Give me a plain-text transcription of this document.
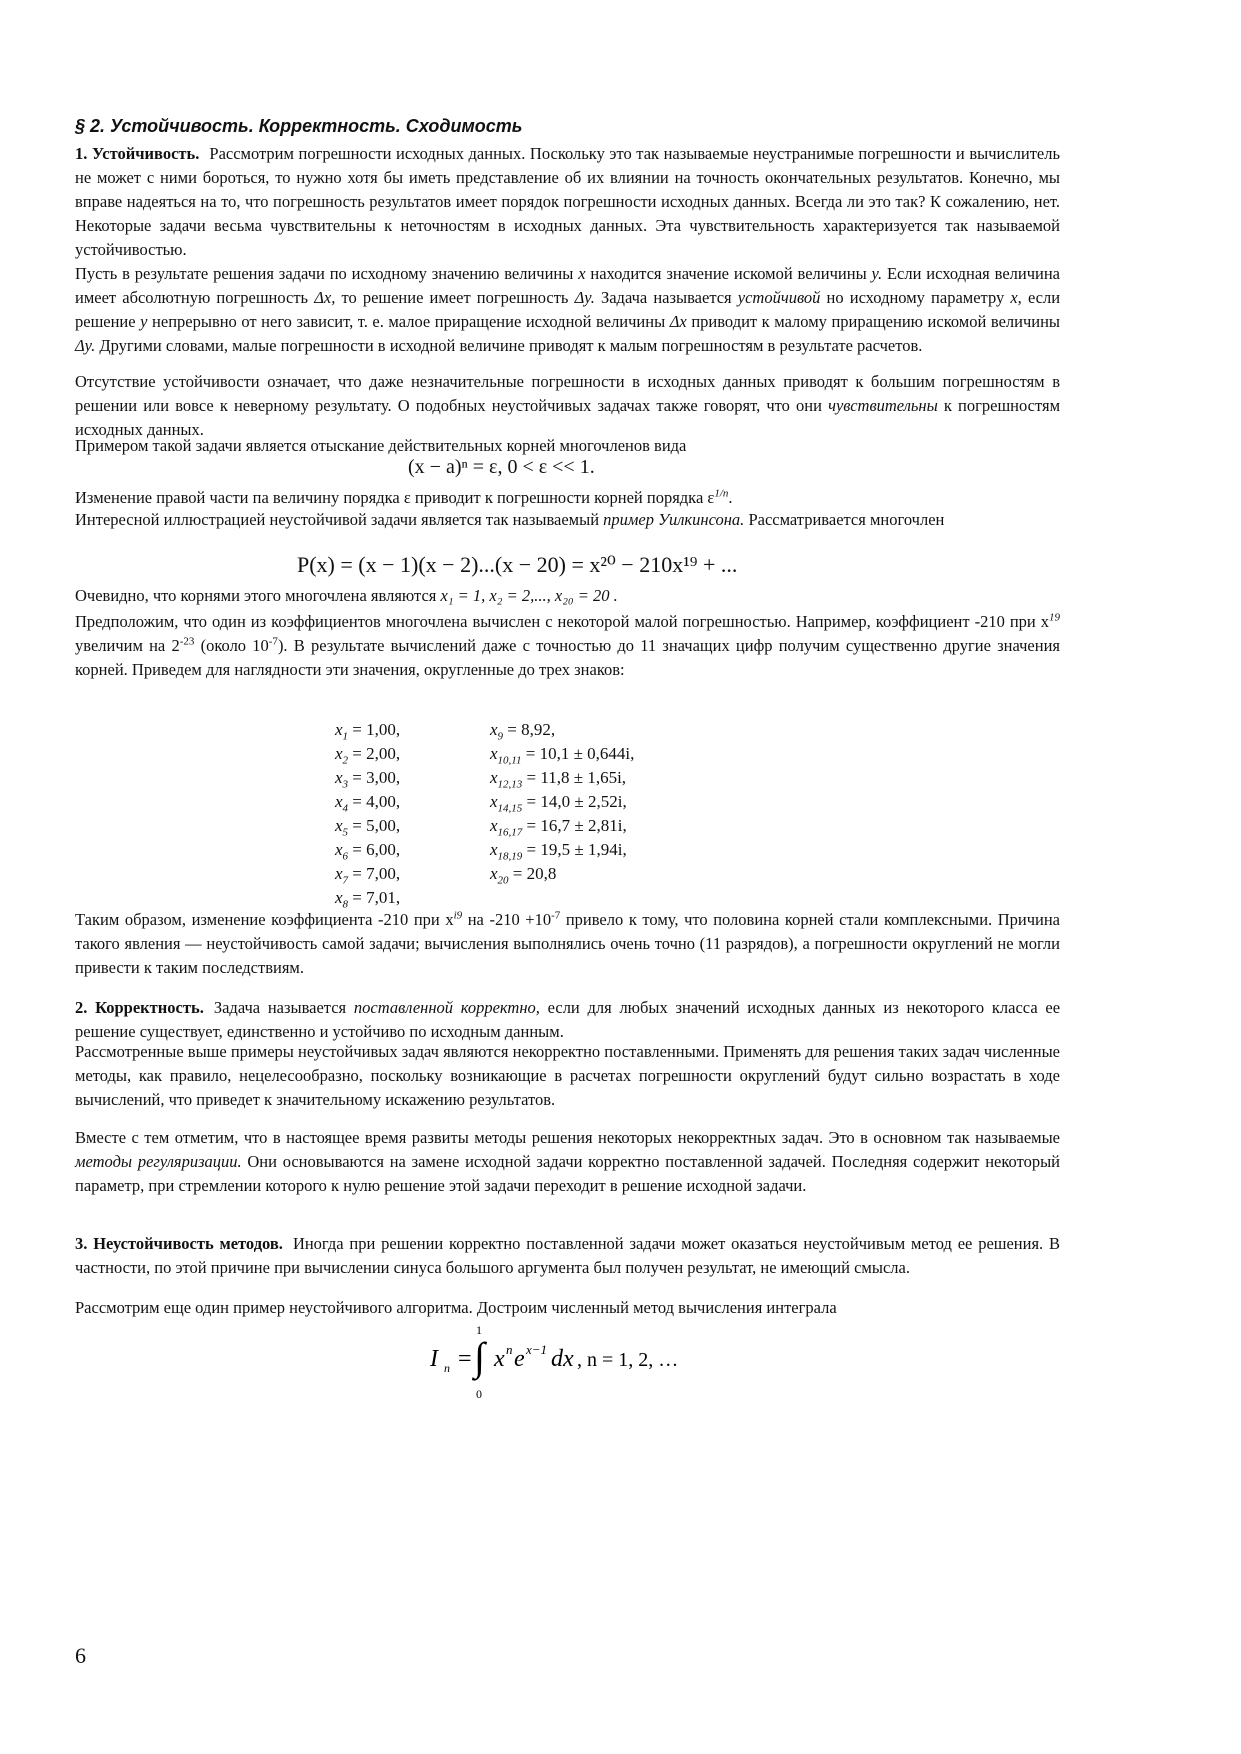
§ 2. Устойчивость. Корректность. Сходимость

1. Устойчивость. Рассмотрим погрешности исходных данных. Поскольку это так называемые неустранимые погрешности и вычислитель не может с ними бороться, то нужно хотя бы иметь представление об их влиянии на точность окончательных результатов. Конечно, мы вправе надеяться на то, что погрешность результатов имеет порядок погрешности исходных данных. Всегда ли это так? К сожалению, нет. Некоторые задачи весьма чувствительны к неточностям в исходных данных. Эта чувствительность характеризуется так называемой устойчивостью.

Пусть в результате решения задачи по исходному значению величины x находится значение искомой величины y. Если исходная величина имеет абсолютную погрешность Δx, то решение имеет погрешность Δy. Задача называется устойчивой но исходному параметру x, если решение y непрерывно от него зависит, т. е. малое приращение исходной величины Δx приводит к малому приращению искомой величины Δy. Другими словами, малые погрешности в исходной величине приводят к малым погрешностям в результате расчетов.

Отсутствие устойчивости означает, что даже незначительные погрешности в исходных данных приводят к большим погрешностям в решении или вовсе к неверному результату. О подобных неустойчивых задачах также говорят, что они чувствительны к погрешностям исходных данных.

Примером такой задачи является отыскание действительных корней многочленов вида

(x − a)ⁿ = ε, 0 < ε << 1.

Изменение правой части па величину порядка ε приводит к погрешности корней порядка $\varepsilon^{1/n}$.

Интересной иллюстрацией неустойчивой задачи является так называемый пример Уилкинсона. Рассматривается многочлен

P(x) = (x − 1)(x − 2)...(x − 20) = x²⁰ − 210x¹⁹ + ...

Очевидно, что корнями этого многочлена являются x₁ = 1, x₂ = 2,..., x₂₀ = 20 .

Предположим, что один из коэффициентов многочлена вычислен с некоторой малой погрешностью. Например, коэффициент -210 при $x^{19}$ увеличим на $2^{-23}$ (около $10^{-7}$). В результате вычислений даже с точностью до 11 значащих цифр получим существенно другие значения корней. Приведем для наглядности эти значения, округленные до трех знаков:

$x_1 = 1,00$,
$x_2 = 2,00$,
$x_3 = 3,00$,
$x_4 = 4,00$,
$x_5 = 5,00$,
$x_6 = 6,00$,
$x_7 = 7,00$,
$x_8 = 7,01$,
$x_9 = 8,92$,
$x_{10,11} = 10,1 \pm 0,644i$,
$x_{12,13} = 11,8 \pm 1,65i$,
$x_{14,15} = 14,0 \pm 2,52i$,
$x_{16,17} = 16,7 \pm 2,81i$,
$x_{18,19} = 19,5 \pm 1,94i$,
$x_{20} = 20,8$

Таким образом, изменение коэффициента -210 при $x^{i9}$ на $-210 +10^{-7}$ привело к тому, что половина корней стали комплексными. Причина такого явления — неустойчивость самой задачи; вычисления выполнялись очень точно (11 разрядов), а погрешности округлений не могли привести к таким последствиям.

2. Корректность. Задача называется поставленной корректно, если для любых значений исходных данных из некоторого класса ее решение существует, единственно и устойчиво по исходным данным.

Рассмотренные выше примеры неустойчивых задач являются некорректно поставленными. Применять для решения таких задач численные методы, как правило, нецелесообразно, поскольку возникающие в расчетах погрешности округлений будут сильно возрастать в ходе вычислений, что приведет к значительному искажению результатов.

Вместе с тем отметим, что в настоящее время развиты методы решения некоторых некорректных задач. Это в основном так называемые методы регуляризации. Они основываются на замене исходной задачи корректно поставленной задачей. Последняя содержит некоторый параметр, при стремлении которого к нулю решение этой задачи переходит в решение исходной задачи.

3. Неустойчивость методов. Иногда при решении корректно поставленной задачи может оказаться неустойчивым метод ее решения. В частности, по этой причине при вычислении синуса большого аргумента был получен результат, не имеющий смысла.

Рассмотрим еще один пример неустойчивого алгоритма. Достроим численный метод вычисления интеграла

I n =
1
∫
0
x n e x−1 dx , n = 1, 2, …
6
